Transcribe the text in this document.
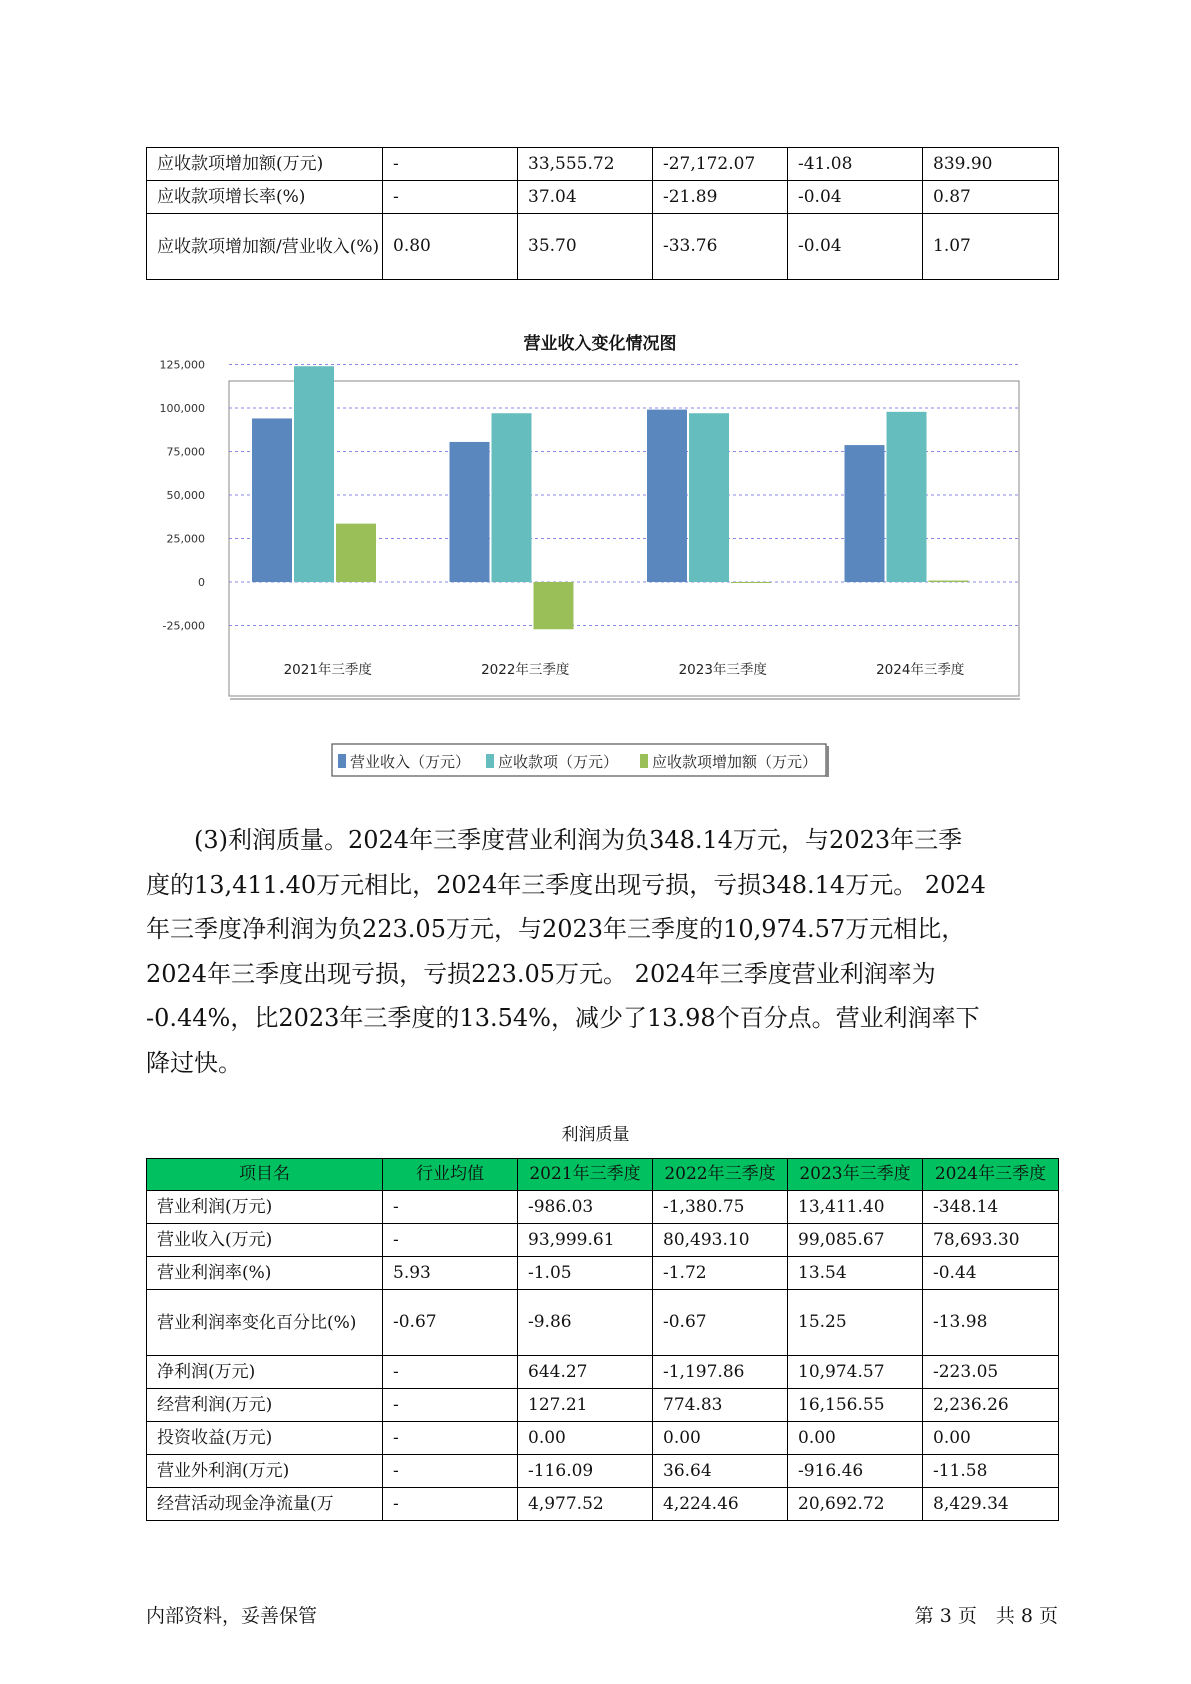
应收款项增加额(万元)	-	33,555.72	-27,172.07	-41.08	839.90
应收款项增长率(%)	-	37.04	-21.89	-0.04	0.87
应收款项增加额/营业收入(%)	0.80	35.70	-33.76	-0.04	1.07
营业收入变化情况图
125,000
100,000
75,000
50,000
25,000
0
-25,000
2021年三季度	2022年三季度	2023年三季度	2024年三季度
营业收入（万元） 应收款项（万元） 应收款项增加额（万元）

(3)利润质量。2024年三季度营业利润为负348.14万元，与2023年三季
度的13,411.40万元相比，2024年三季度出现亏损，亏损348.14万元。 2024
年三季度净利润为负223.05万元，与2023年三季度的10,974.57万元相比，
2024年三季度出现亏损，亏损223.05万元。 2024年三季度营业利润率为
-0.44%，比2023年三季度的13.54%，减少了13.98个百分点。营业利润率下
降过快。

利润质量
项目名	行业均值	2021年三季度	2022年三季度	2023年三季度	2024年三季度
营业利润(万元)	-	-986.03	-1,380.75	13,411.40	-348.14
营业收入(万元)	-	93,999.61	80,493.10	99,085.67	78,693.30
营业利润率(%)	5.93	-1.05	-1.72	13.54	-0.44
营业利润率变化百分比(%)	-0.67	-9.86	-0.67	15.25	-13.98
净利润(万元)	-	644.27	-1,197.86	10,974.57	-223.05
经营利润(万元)	-	127.21	774.83	16,156.55	2,236.26
投资收益(万元)	-	0.00	0.00	0.00	0.00
营业外利润(万元)	-	-116.09	36.64	-916.46	-11.58
经营活动现金净流量(万	-	4,977.52	4,224.46	20,692.72	8,429.34
内部资料，妥善保管	第 3 页　共 8 页
